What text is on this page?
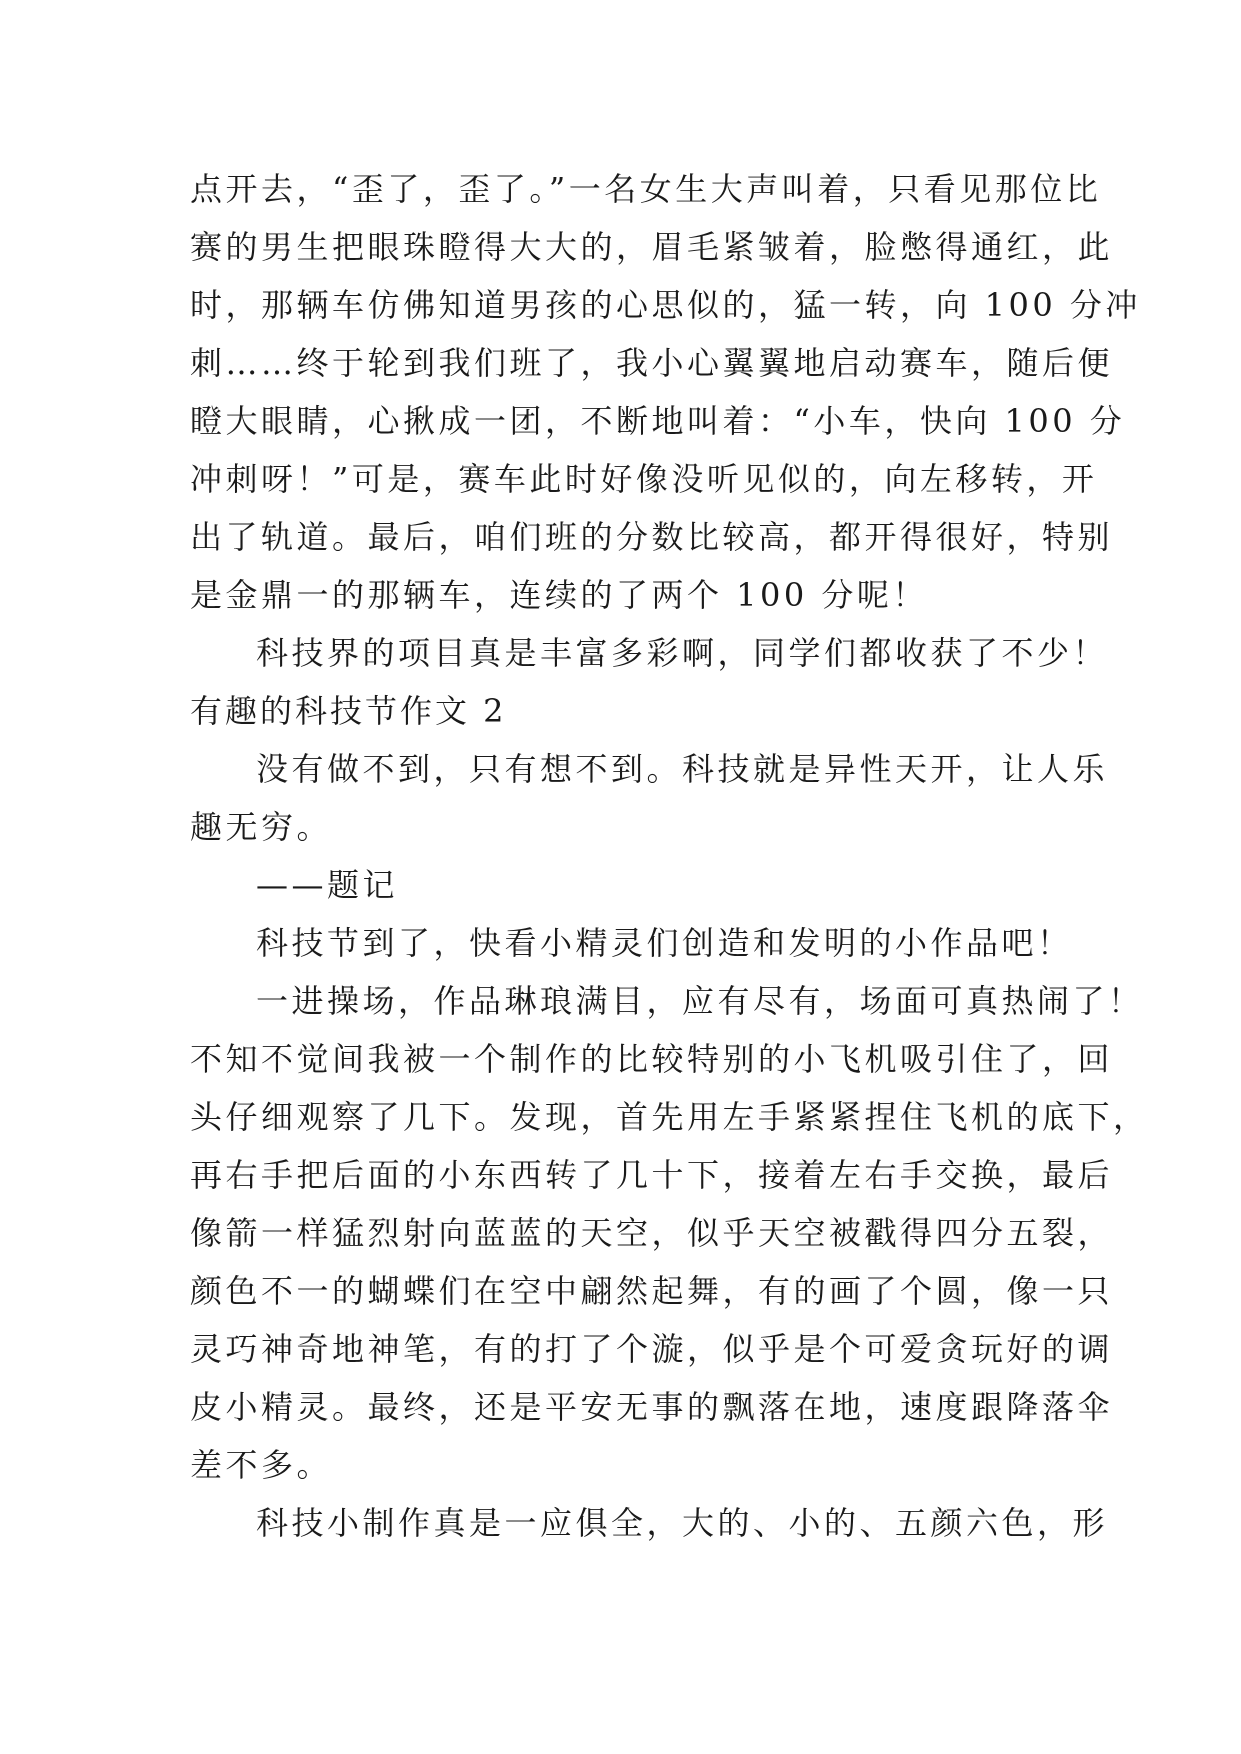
点开去，“歪了，歪了。”一名女生大声叫着，只看见那位比
赛的男生把眼珠瞪得大大的，眉毛紧皱着，脸憋得通红，此
时，那辆车仿佛知道男孩的心思似的，猛一转，向 100 分冲
刺……终于轮到我们班了，我小心翼翼地启动赛车，随后便
瞪大眼睛，心揪成一团，不断地叫着：“小车，快向 100 分
冲刺呀！”可是，赛车此时好像没听见似的，向左移转，开
出了轨道。最后，咱们班的分数比较高，都开得很好，特别
是金鼎一的那辆车，连续的了两个 100 分呢！
科技界的项目真是丰富多彩啊，同学们都收获了不少！
有趣的科技节作文 2
没有做不到，只有想不到。科技就是异性天开，让人乐
趣无穷。
——题记
科技节到了，快看小精灵们创造和发明的小作品吧！
一进操场，作品琳琅满目，应有尽有，场面可真热闹了！
不知不觉间我被一个制作的比较特别的小飞机吸引住了，回
头仔细观察了几下。发现，首先用左手紧紧捏住飞机的底下，
再右手把后面的小东西转了几十下，接着左右手交换，最后
像箭一样猛烈射向蓝蓝的天空，似乎天空被戳得四分五裂，
颜色不一的蝴蝶们在空中翩然起舞，有的画了个圆，像一只
灵巧神奇地神笔，有的打了个漩，似乎是个可爱贪玩好的调
皮小精灵。最终，还是平安无事的飘落在地，速度跟降落伞
差不多。
科技小制作真是一应俱全，大的、小的、五颜六色，形
